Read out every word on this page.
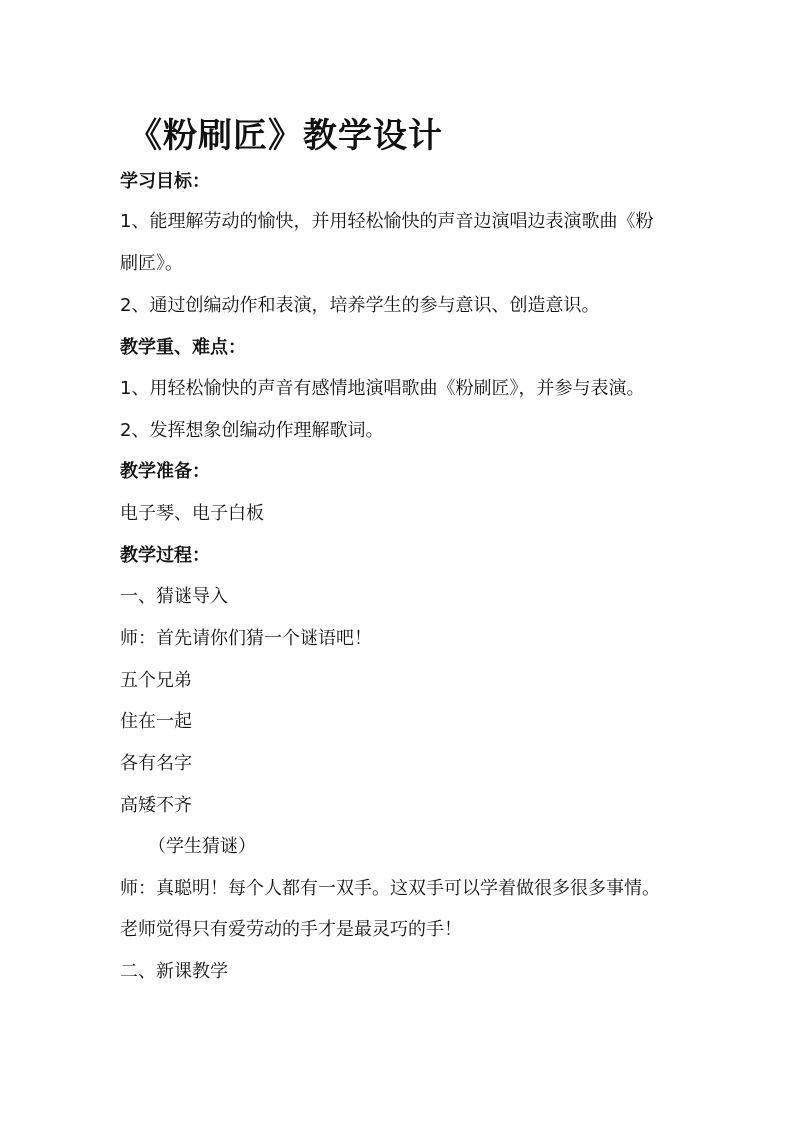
《粉刷匠》教学设计

学习目标：

1、能理解劳动的愉快，并用轻松愉快的声音边演唱边表演歌曲《粉

刷匠》。

2、通过创编动作和表演，培养学生的参与意识、创造意识。

教学重、难点：

1、用轻松愉快的声音有感情地演唱歌曲《粉刷匠》，并参与表演。

2、发挥想象创编动作理解歌词。

教学准备：

电子琴、电子白板

教学过程：

一、猜谜导入

师：首先请你们猜一个谜语吧！

五个兄弟

住在一起

各有名字

高矮不齐

（学生猜谜）

师：真聪明！每个人都有一双手。这双手可以学着做很多很多事情。

老师觉得只有爱劳动的手才是最灵巧的手！

二、新课教学
